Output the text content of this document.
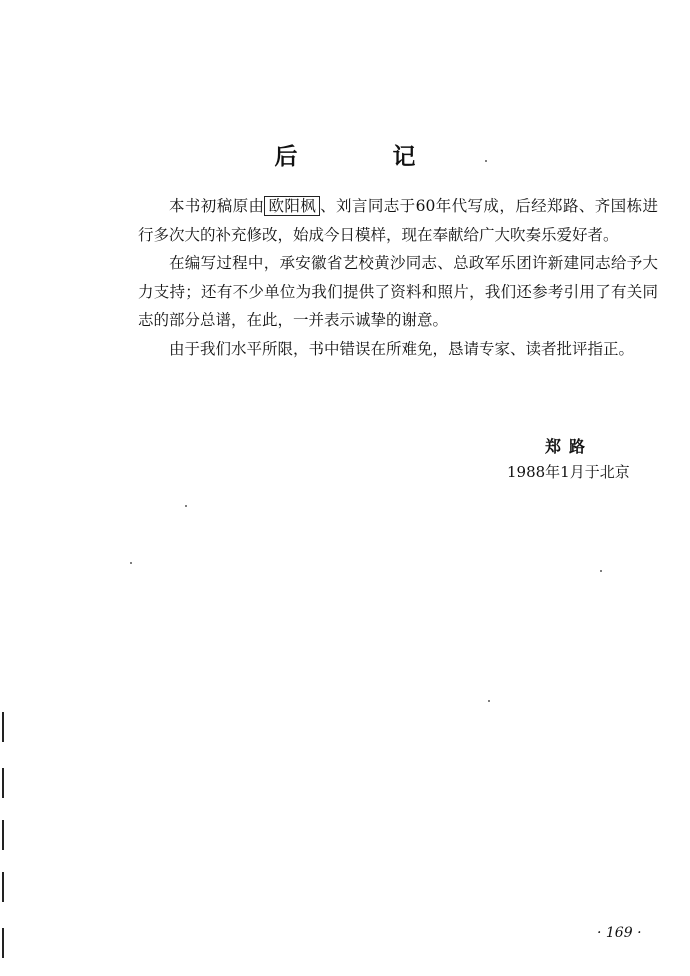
后	记

本书初稿原由 欧阳枫 、刘言同志于60年代写成，后经郑路、齐国栋进行多次大的补充修改，始成今日模样，现在奉献给广大吹奏乐爱好者。

在编写过程中，承安徽省艺校黄沙同志、总政军乐团许新建同志给予大力支持；还有不少单位为我们提供了资料和照片，我们还参考引用了有关同志的部分总谱，在此，一并表示诚挚的谢意。

由于我们水平所限，书中错误在所难免，恳请专家、读者批评指正。

郑路
1988年1月于北京
· 169 ·
